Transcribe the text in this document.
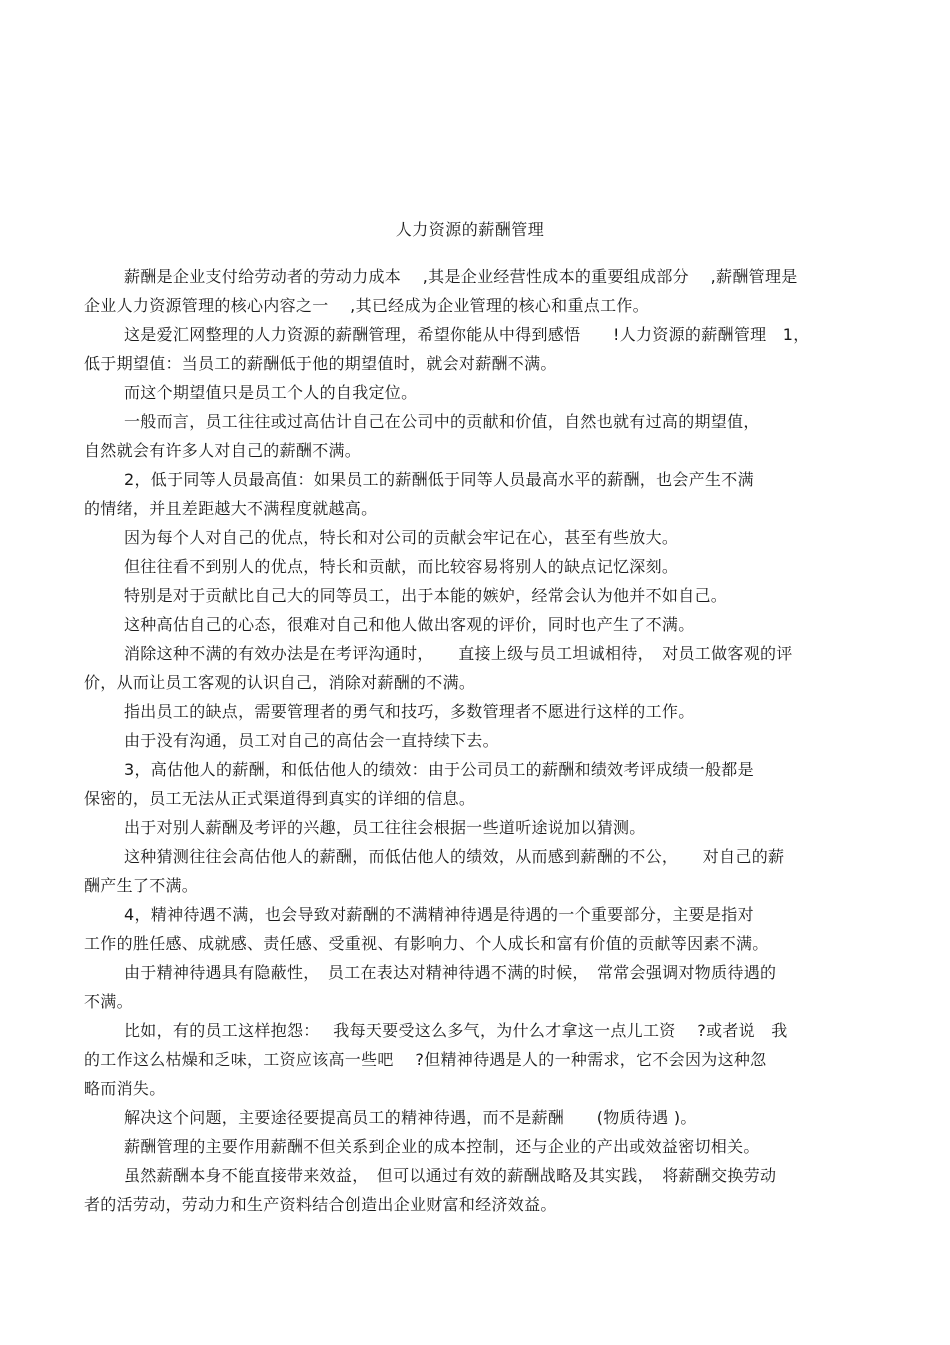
人力资源的薪酬管理
薪酬是企业支付给劳动者的劳动力成本　 ,其是企业经营性成本的重要组成部分　 ,薪酬管理是
企业人力资源管理的核心内容之一　 ,其已经成为企业管理的核心和重点工作。
这是爱汇网整理的人力资源的薪酬管理，希望你能从中得到感悟　　!人力资源的薪酬管理　1，
低于期望值：当员工的薪酬低于他的期望值时，就会对薪酬不满。
而这个期望值只是员工个人的自我定位。
一般而言，员工往往或过高估计自己在公司中的贡献和价值，自然也就有过高的期望值，
自然就会有许多人对自己的薪酬不满。
2，低于同等人员最高值：如果员工的薪酬低于同等人员最高水平的薪酬，也会产生不满
的情绪，并且差距越大不满程度就越高。
因为每个人对自己的优点，特长和对公司的贡献会牢记在心，甚至有些放大。
但往往看不到别人的优点，特长和贡献，而比较容易将别人的缺点记忆深刻。
特别是对于贡献比自己大的同等员工，出于本能的嫉妒，经常会认为他并不如自己。
这种高估自己的心态，很难对自己和他人做出客观的评价，同时也产生了不满。
消除这种不满的有效办法是在考评沟通时，　　直接上级与员工坦诚相待，　对员工做客观的评
价，从而让员工客观的认识自己，消除对薪酬的不满。
指出员工的缺点，需要管理者的勇气和技巧，多数管理者不愿进行这样的工作。
由于没有沟通，员工对自己的高估会一直持续下去。
3，高估他人的薪酬，和低估他人的绩效：由于公司员工的薪酬和绩效考评成绩一般都是
保密的，员工无法从正式渠道得到真实的详细的信息。
出于对别人薪酬及考评的兴趣，员工往往会根据一些道听途说加以猜测。
这种猜测往往会高估他人的薪酬，而低估他人的绩效，从而感到薪酬的不公，　　对自己的薪
酬产生了不满。
4，精神待遇不满，也会导致对薪酬的不满精神待遇是待遇的一个重要部分，主要是指对
工作的胜任感、成就感、责任感、受重视、有影响力、个人成长和富有价值的贡献等因素不满。
由于精神待遇具有隐蔽性，　员工在表达对精神待遇不满的时候，　常常会强调对物质待遇的
不满。
比如，有的员工这样抱怨：　 我每天要受这么多气，为什么才拿这一点儿工资　 ?或者说　我
的工作这么枯燥和乏味，工资应该高一些吧　 ?但精神待遇是人的一种需求，它不会因为这种忽
略而消失。
解决这个问题，主要途径要提高员工的精神待遇，而不是薪酬　　(物质待遇 )。
薪酬管理的主要作用薪酬不但关系到企业的成本控制，还与企业的产出或效益密切相关。
虽然薪酬本身不能直接带来效益，　但可以通过有效的薪酬战略及其实践，　将薪酬交换劳动
者的活劳动，劳动力和生产资料结合创造出企业财富和经济效益。
